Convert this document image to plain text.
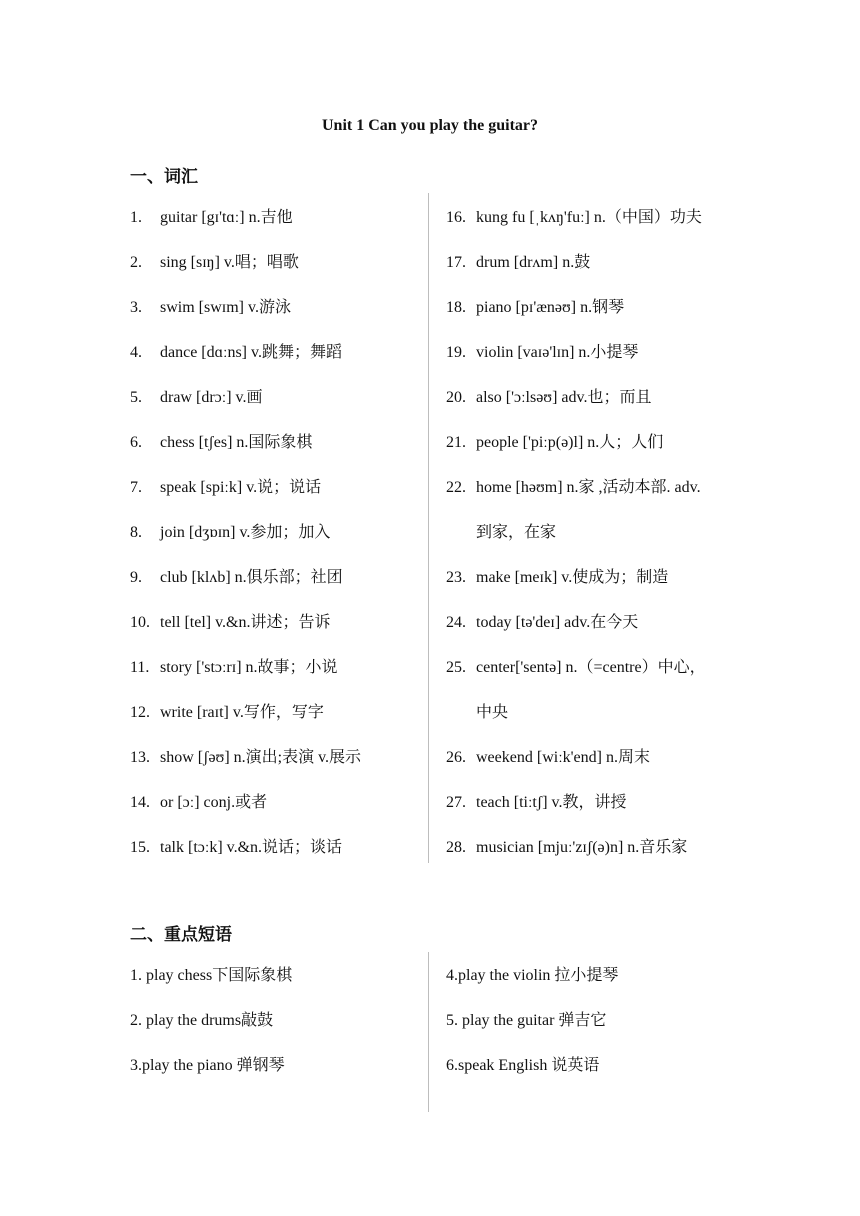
Unit 1 Can you play the guitar?
一、词汇
1. guitar [gɪ'tɑː] n.吉他
2. sing [sɪŋ] v.唱；唱歌
3. swim [swɪm] v.游泳
4. dance [dɑːns] v.跳舞；舞蹈
5. draw [drɔː] v.画
6. chess [tʃes] n.国际象棋
7. speak [spiːk] v.说；说话
8. join [dʒɒɪn] v.参加；加入
9. club [klʌb] n.俱乐部；社团
10. tell [tel] v.&n.讲述；告诉
11. story ['stɔːrɪ] n.故事；小说
12. write [raɪt] v.写作，写字
13. show [ʃəʊ] n.演出;表演 v.展示
14. or [ɔː] conj.或者
15. talk [tɔːk] v.&n.说话；谈话
16. kung fu [ˌkʌŋ'fuː] n.（中国）功夫
17. drum [drʌm] n.鼓
18. piano [pɪ'ænəʊ] n.钢琴
19. violin [vaɪə'lɪn] n.小提琴
20. also ['ɔːlsəʊ] adv.也；而且
21. people ['piːp(ə)l] n.人；人们
22. home [həʊm] n.家 ,活动本部. adv.
到家，在家
23. make [meɪk] v.使成为；制造
24. today [tə'deɪ] adv.在今天
25. center['sentə] n.（=centre）中心，
中央
26. weekend [wiːk'end] n.周末
27. teach [tiːtʃ] v.教，讲授
28. musician [mjuː'zɪʃ(ə)n] n.音乐家
二、重点短语
1. play chess下国际象棋
2. play the drums敲鼓
3.play the piano 弹钢琴
4.play the violin 拉小提琴
5. play the guitar 弹吉它
6.speak English 说英语
